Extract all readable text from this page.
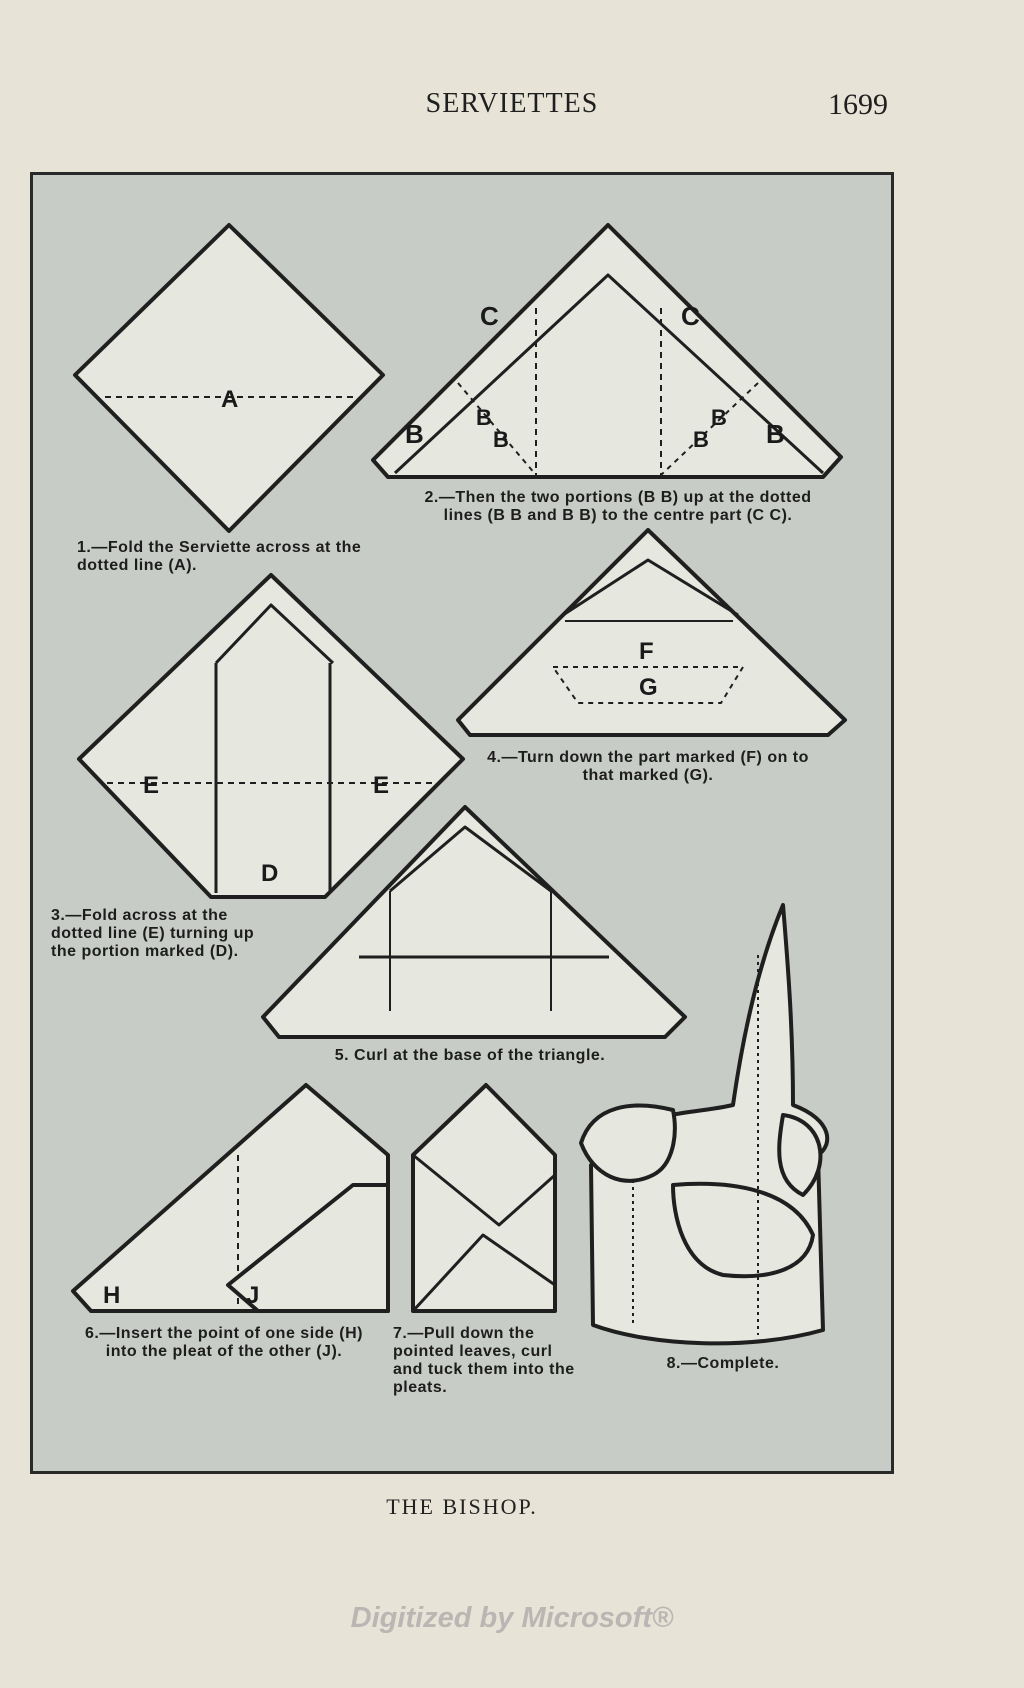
SERVIETTES	1699
A
C	C
B
B
B	B
B
B
E	E
D
F
G
H	J
1.—Fold the Serviette across at the dotted line (A).
2.—Then the two portions (B B) up at the dotted lines (B B and B B) to the centre part (C C).
3.—Fold across at the dotted line (E) turning up the portion marked (D).
4.—Turn down the part marked (F) on to that marked (G).
5. Curl at the base of the triangle.
6.—Insert the point of one side (H) into the pleat of the other (J).
7.—Pull down the pointed leaves, curl and tuck them into the pleats.
8.—Complete.
THE BISHOP.
Digitized by Microsoft®
